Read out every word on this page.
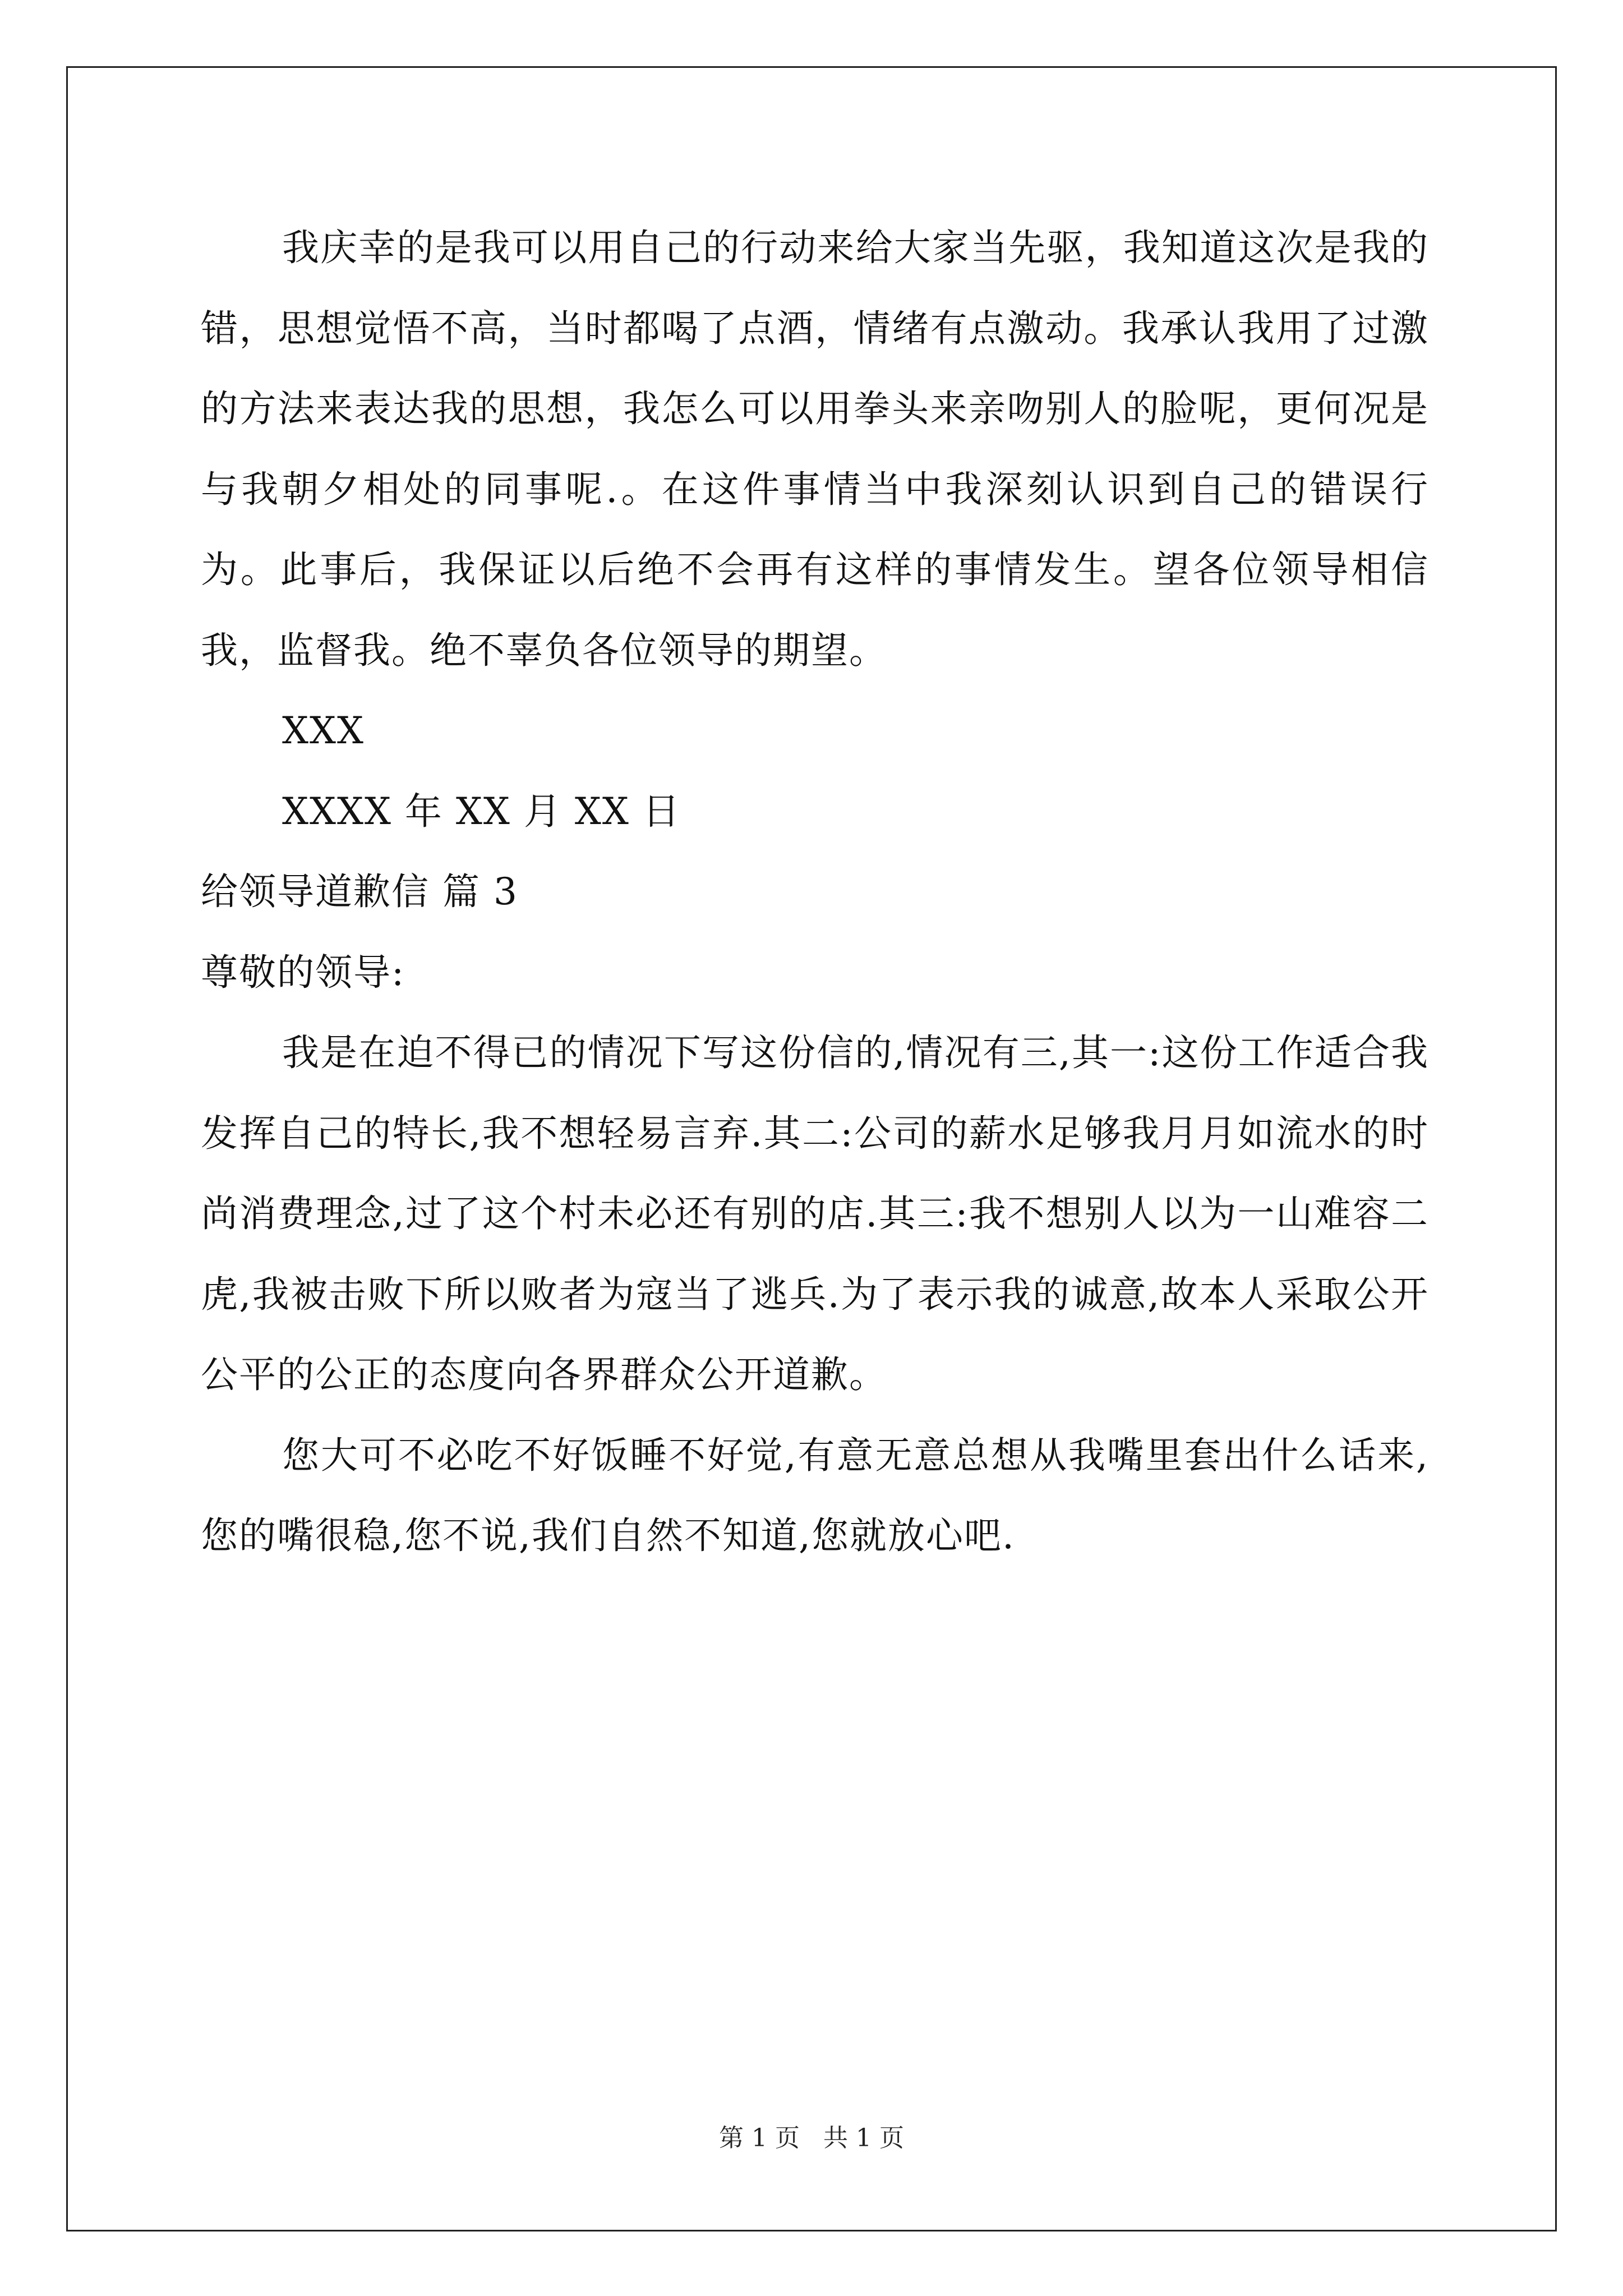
我庆幸的是我可以用自己的行动来给大家当先驱，我知道这次是我的错，思想觉悟不高，当时都喝了点酒，情绪有点激动。我承认我用了过激的方法来表达我的思想，我怎么可以用拳头来亲吻别人的脸呢，更何况是与我朝夕相处的同事呢.。在这件事情当中我深刻认识到自己的错误行为。此事后，我保证以后绝不会再有这样的事情发生。望各位领导相信我，监督我。绝不辜负各位领导的期望。

XXX

XXXX 年 XX 月 XX 日

给领导道歉信 篇 3

尊敬的领导:

我是在迫不得已的情况下写这份信的,情况有三,其一:这份工作适合我发挥自己的特长,我不想轻易言弃.其二:公司的薪水足够我月月如流水的时尚消费理念,过了这个村未必还有别的店.其三:我不想别人以为一山难容二虎,我被击败下所以败者为寇当了逃兵.为了表示我的诚意,故本人采取公开公平的公正的态度向各界群众公开道歉。

您大可不必吃不好饭睡不好觉,有意无意总想从我嘴里套出什么话来,您的嘴很稳,您不说,我们自然不知道,您就放心吧.

第 1 页 共 1 页
